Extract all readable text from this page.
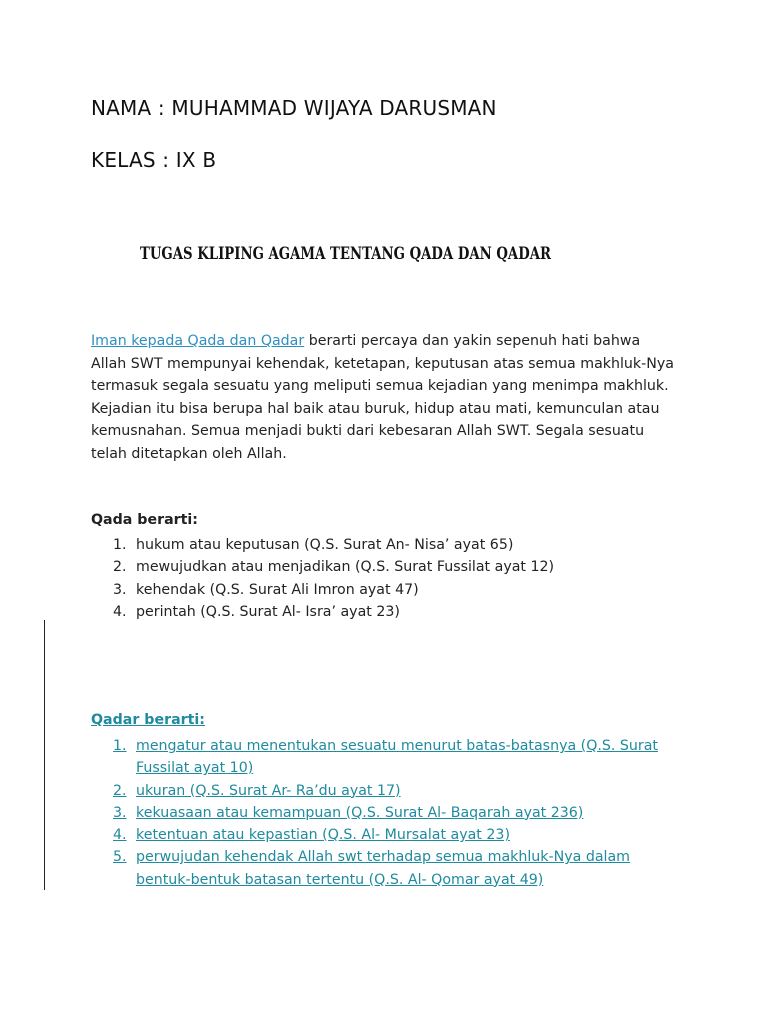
NAMA : MUHAMMAD WIJAYA DARUSMAN
KELAS : IX B
TUGAS KLIPING AGAMA TENTANG QADA DAN QADAR
Iman kepada Qada dan Qadar berarti percaya dan yakin sepenuh hati bahwa
Allah SWT mempunyai kehendak, ketetapan, keputusan atas semua makhluk-Nya
termasuk segala sesuatu yang meliputi semua kejadian yang menimpa makhluk.
Kejadian itu bisa berupa hal baik atau buruk, hidup atau mati, kemunculan atau
kemusnahan. Semua menjadi bukti dari kebesaran Allah SWT. Segala sesuatu
telah ditetapkan oleh Allah.
Qada berarti:
1. hukum atau keputusan (Q.S. Surat An- Nisa’ ayat 65)
2. mewujudkan atau menjadikan (Q.S. Surat Fussilat ayat 12)
3. kehendak (Q.S. Surat Ali Imron ayat 47)
4. perintah (Q.S. Surat Al- Isra’ ayat 23)
Qadar berarti:
1. mengatur atau menentukan sesuatu menurut batas-batasnya (Q.S. Surat
Fussilat ayat 10)
2. ukuran (Q.S. Surat Ar- Ra’du ayat 17)
3. kekuasaan atau kemampuan (Q.S. Surat Al- Baqarah ayat 236)
4. ketentuan atau kepastian (Q.S. Al- Mursalat ayat 23)
5. perwujudan kehendak Allah swt terhadap semua makhluk-Nya dalam
bentuk-bentuk batasan tertentu (Q.S. Al- Qomar ayat 49)
